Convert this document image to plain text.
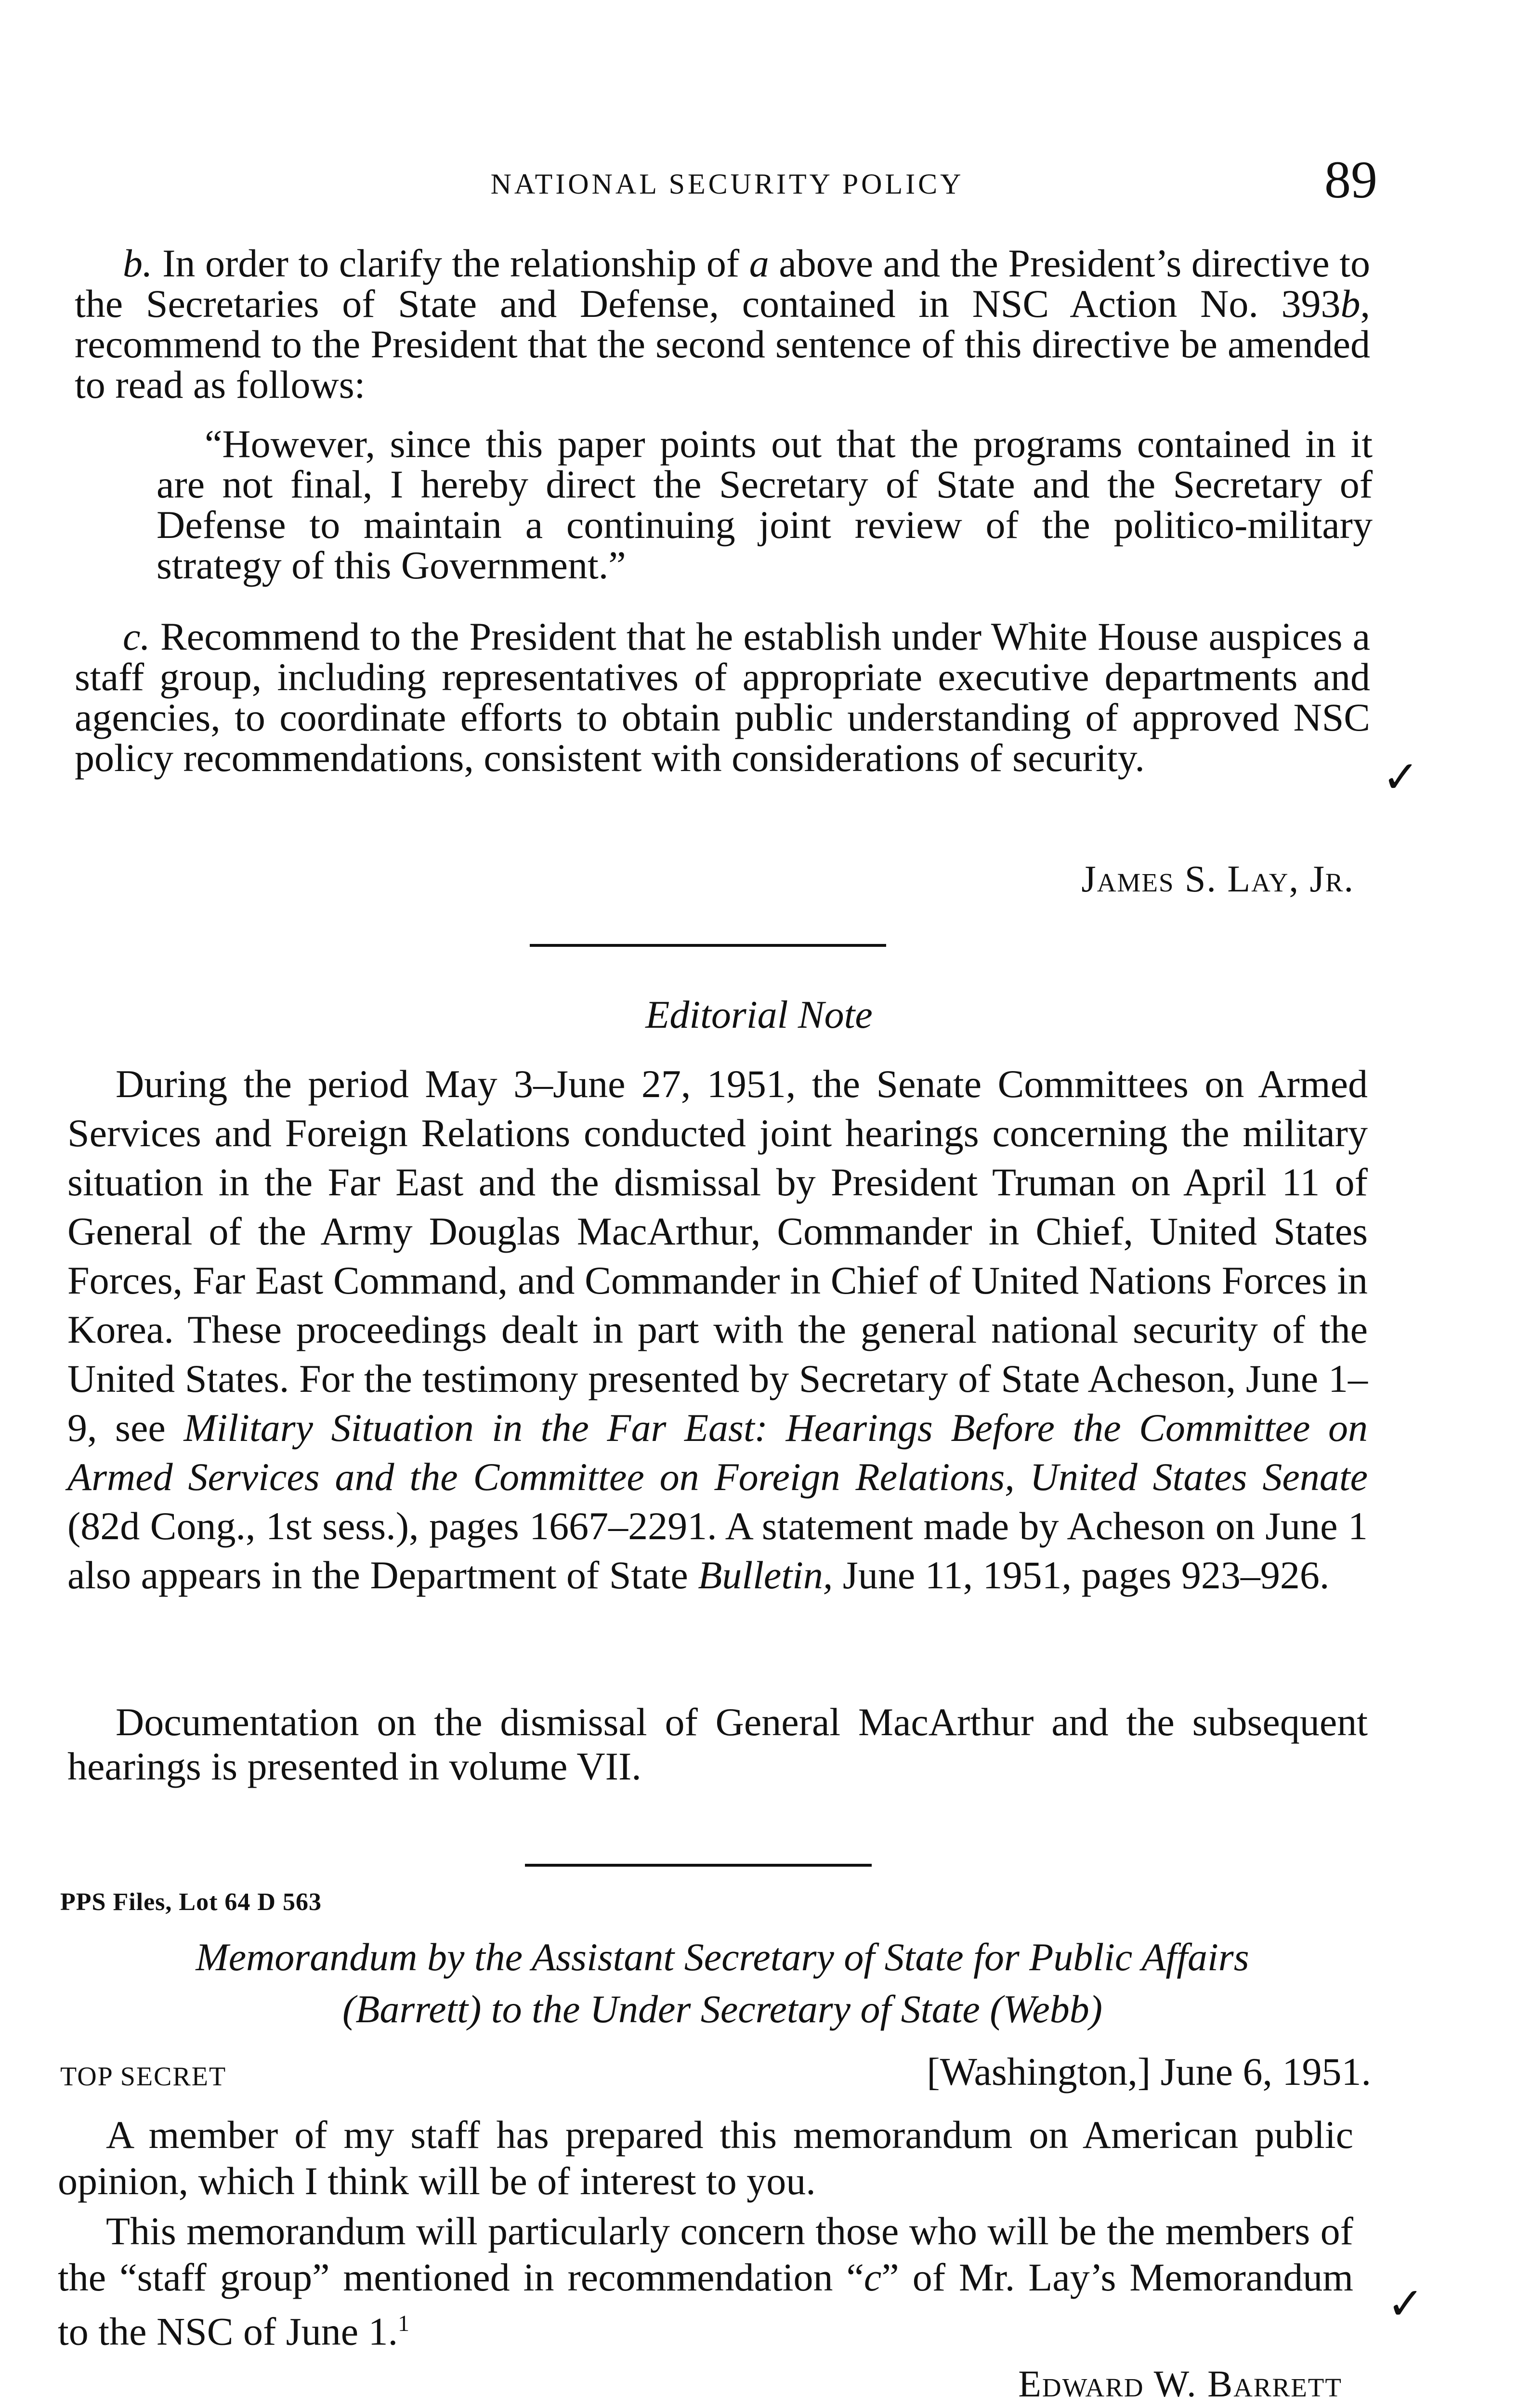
NATIONAL SECURITY POLICY	89

b. In order to clarify the relationship of a above and the President’s directive to the Secretaries of State and Defense, contained in NSC Action No. 393b, recommend to the President that the second sentence of this directive be amended to read as follows:

“However, since this paper points out that the programs contained in it are not final, I hereby direct the Secretary of State and the Secretary of Defense to maintain a continuing joint review of the politico-military strategy of this Government.”

c. Recommend to the President that he establish under White House auspices a staff group, including representatives of appropriate executive departments and agencies, to coordinate efforts to obtain public understanding of approved NSC policy recommendations, consistent with considerations of security.	✓
James S. Lay, Jr.
Editorial Note

During the period May 3–June 27, 1951, the Senate Committees on Armed Services and Foreign Relations conducted joint hearings concerning the military situation in the Far East and the dismissal by President Truman on April 11 of General of the Army Douglas MacArthur, Commander in Chief, United States Forces, Far East Command, and Commander in Chief of United Nations Forces in Korea. These proceedings dealt in part with the general national security of the United States. For the testimony presented by Secretary of State Acheson, June 1–9, see Military Situation in the Far East: Hearings Before the Committee on Armed Services and the Committee on Foreign Relations, United States Senate (82d Cong., 1st sess.), pages 1667–2291. A statement made by Acheson on June 1 also appears in the Department of State Bulletin, June 11, 1951, pages 923–926.

Documentation on the dismissal of General MacArthur and the subsequent hearings is presented in volume VII.

PPS Files, Lot 64 D 563
Memorandum by the Assistant Secretary of State for Public Affairs
(Barrett) to the Under Secretary of State (Webb)
TOP SECRET	[Washington,] June 6, 1951.

A member of my staff has prepared this memorandum on American public opinion, which I think will be of interest to you.

This memorandum will particularly concern those who will be the members of the “staff group” mentioned in recommendation “c” of Mr. Lay’s Memorandum to the NSC of June 1.$^1$	✓
Edward W. Barrett
